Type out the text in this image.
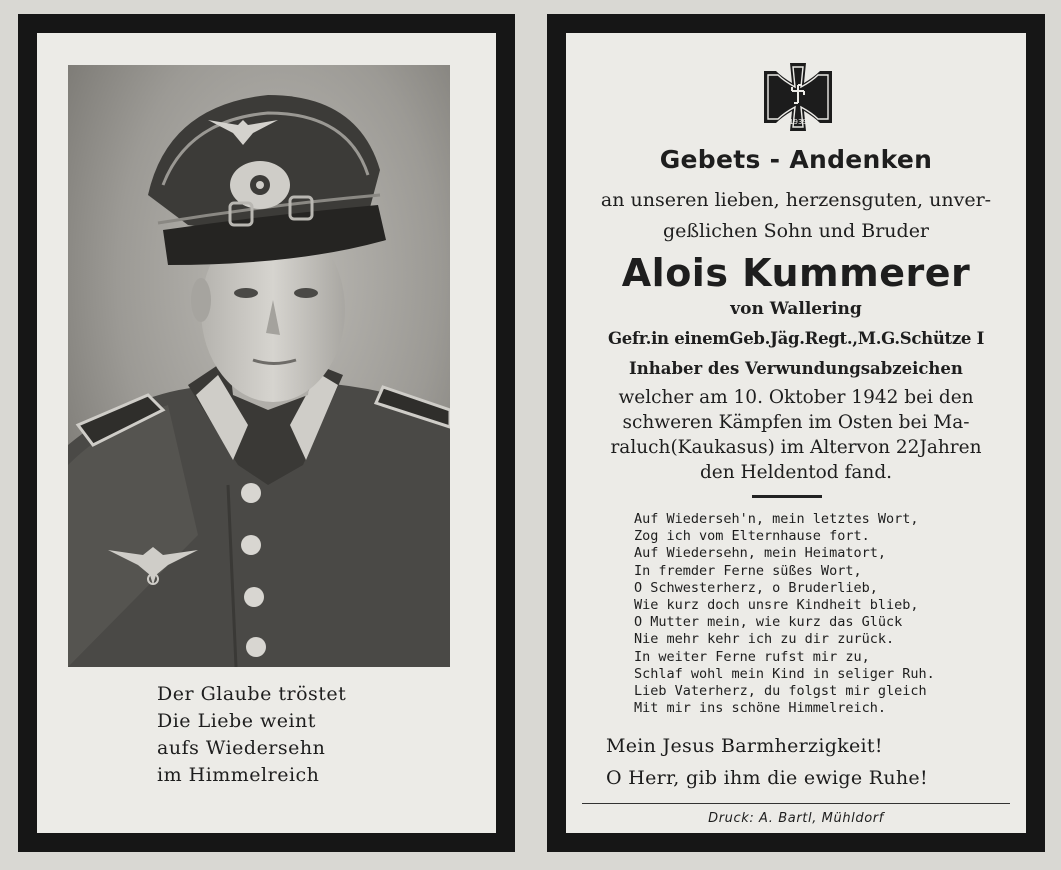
Der Glaube tröstet
Die Liebe weint
aufs Wiedersehn
im Himmelreich
1939
Gebets - Andenken
an unseren lieben, herzensguten, unver-
geßlichen Sohn und Bruder
Alois Kummerer
von Wallering
Gefr.in einemGeb.Jäg.Regt.,M.G.Schütze I
Inhaber des Verwundungsabzeichen
welcher am 10. Oktober 1942 bei den
schweren Kämpfen im Osten bei Ma-
raluch(Kaukasus) im Altervon 22Jahren
den Heldentod fand.
Auf Wiederseh'n, mein letztes Wort,
Zog ich vom Elternhause fort.
Auf Wiedersehn, mein Heimatort,
In fremder Ferne süßes Wort,
O Schwesterherz, o Bruderlieb,
Wie kurz doch unsre Kindheit blieb,
O Mutter mein, wie kurz das Glück
Nie mehr kehr ich zu dir zurück.
In weiter Ferne rufst mir zu,
Schlaf wohl mein Kind in seliger Ruh.
Lieb Vaterherz, du folgst mir gleich
Mit mir ins schöne Himmelreich.
Mein Jesus Barmherzigkeit!
O Herr, gib ihm die ewige Ruhe!
Druck: A. Bartl, Mühldorf
